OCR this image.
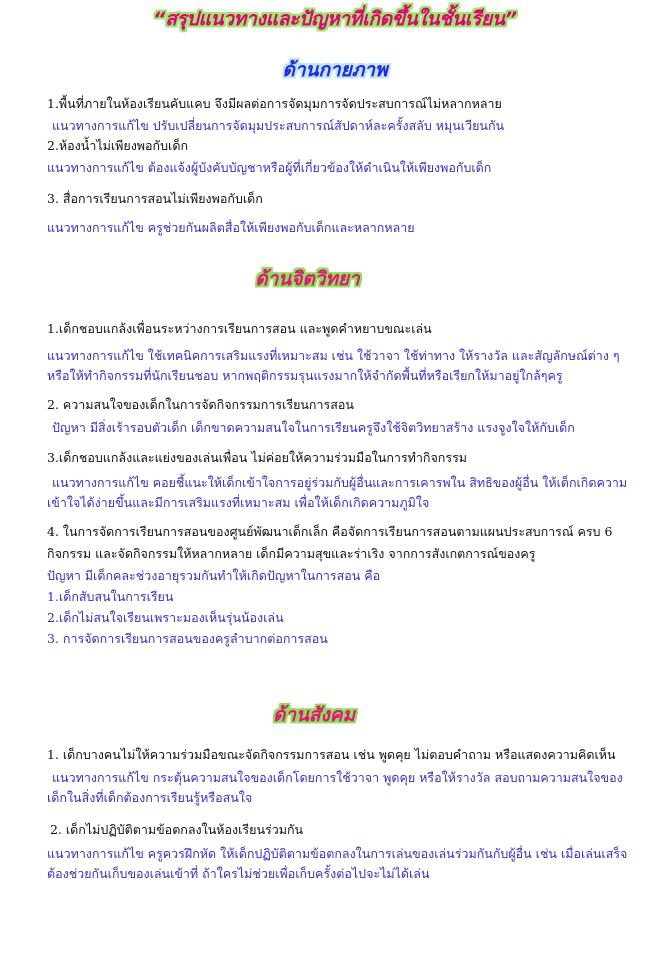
“สรุปแนวทางและปัญหาที่เกิดขึ้นในชั้นเรียน”
ด้านกายภาพ
1.พื้นที่ภายในห้องเรียนคับแคบ จึงมีผลต่อการจัดมุมการจัดประสบการณ์ไม่หลากหลาย
แนวทางการแก้ไข ปรับเปลี่ยนการจัดมุมประสบการณ์สัปดาห์ละครั้งสลับ หมุนเวียนกัน
2.ห้องน้ำไม่เพียงพอกับเด็ก
แนวทางการแก้ไข ต้องแจ้งผู้บังคับบัญชาหรือผู้ที่เกี่ยวข้องให้ดำเนินให้เพียงพอกับเด็ก
3. สื่อการเรียนการสอนไม่เพียงพอกับเด็ก
แนวทางการแก้ไข ครูช่วยกันผลิตสื่อให้เพียงพอกับเด็กและหลากหลาย
ด้านจิตวิทยา
1.เด็กชอบแกล้งเพื่อนระหว่างการเรียนการสอน และพูดคำหยาบขณะเล่น
แนวทางการแก้ไข ใช้เทคนิคการเสริมแรงที่เหมาะสม เช่น ใช้วาจา ใช้ท่าทาง ให้รางวัล และสัญลักษณ์ต่าง ๆ
หรือให้ทำกิจกรรมที่นักเรียนชอบ หากพฤติกรรมรุนแรงมากให้จำกัดพื้นที่หรือเรียกให้มาอยู่ใกล้ๆครู
2. ความสนใจของเด็กในการจัดกิจกรรมการเรียนการสอน
ปัญหา มีสิ่งเร้ารอบตัวเด็ก เด็กขาดความสนใจในการเรียนครูจึงใช้จิตวิทยาสร้าง แรงจูงใจให้กับเด็ก
3.เด็กชอบแกล้งและแย่งของเล่นเพื่อน ไม่ค่อยให้ความร่วมมือในการทำกิจกรรม
แนวทางการแก้ไข คอยชี้แนะให้เด็กเข้าใจการอยู่ร่วมกับผู้อื่นและการเคารพใน สิทธิของผู้อื่น ให้เด็กเกิดความ
เข้าใจได้ง่ายขึ้นและมีการเสริมแรงที่เหมาะสม เพื่อให้เด็กเกิดความภูมิใจ
4. ในการจัดการเรียนการสอนของศูนย์พัฒนาเด็กเล็ก คือจัดการเรียนการสอนตามแผนประสบการณ์ ครบ 6
กิจกรรม และจัดกิจกรรมให้หลากหลาย เด็กมีความสุขและร่าเริง จากการสังเกตการณ์ของครู
ปัญหา มีเด็กคละช่วงอายุรวมกันทำให้เกิดปัญหาในการสอน คือ
1.เด็กสับสนในการเรียน
2.เด็กไม่สนใจเรียนเพราะมองเห็นรุ่นน้องเล่น
3. การจัดการเรียนการสอนของครูลำบากต่อการสอน
ด้านสังคม
1. เด็กบางคนไม่ให้ความร่วมมือขณะจัดกิจกรรมการสอน เช่น พูดคุย ไม่ตอบคำถาม หรือแสดงความคิดเห็น
แนวทางการแก้ไข กระตุ้นความสนใจของเด็กโดยการใช้วาจา พูดคุย หรือให้รางวัล สอบถามความสนใจของ
เด็กในสิ่งที่เด็กต้องการเรียนรู้หรือสนใจ
2. เด็กไม่ปฏิบัติตามข้อตกลงในห้องเรียนร่วมกัน
แนวทางการแก้ไข ครูควรฝึกหัด ให้เด็กปฏิบัติตามข้อตกลงในการเล่นของเล่นร่วมกันกับผู้อื่น เช่น เมื่อเล่นเสร็จ
ต้องช่วยกันเก็บของเล่นเข้าที่ ถ้าใครไม่ช่วยเพื่อเก็บครั้งต่อไปจะไม่ได้เล่น
